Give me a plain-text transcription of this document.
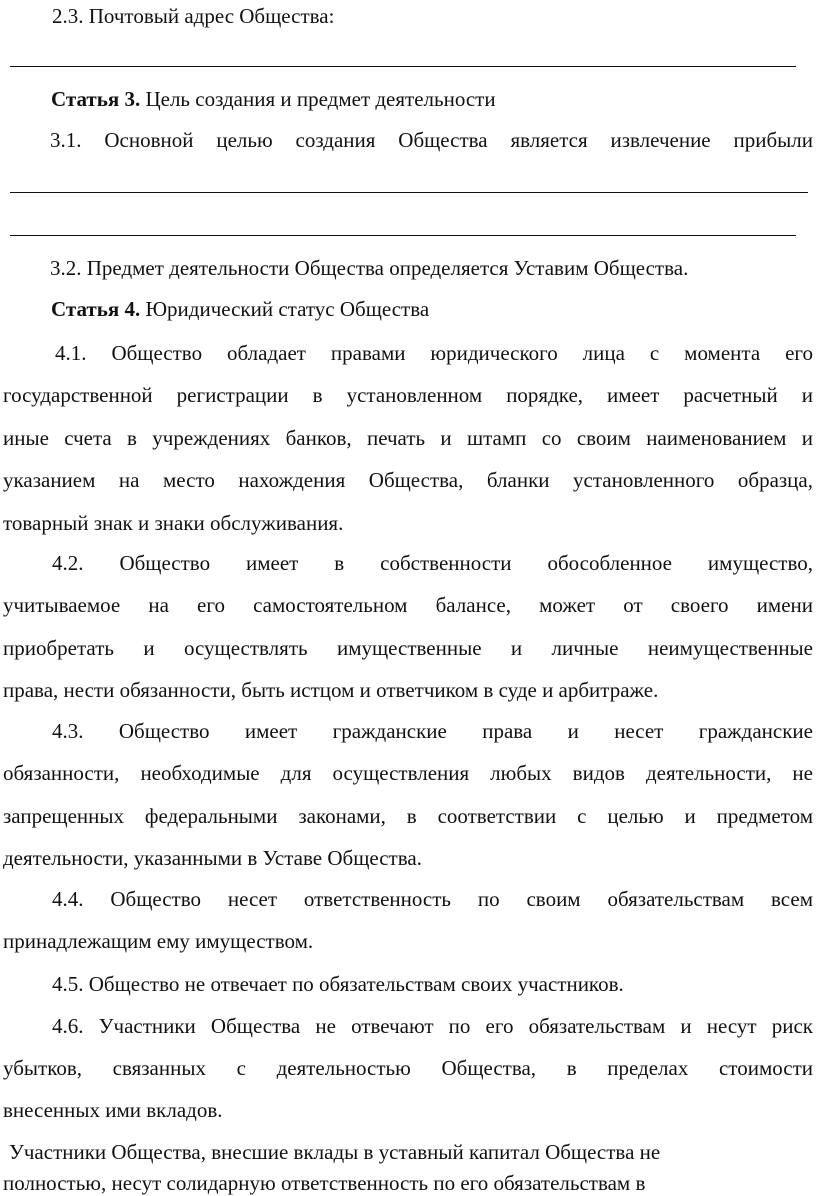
2.3. Почтовый адрес Общества:
Статья 3. Цель создания и предмет деятельности
3.1. Основной целью создания Общества является извлечение прибыли
3.2. Предмет деятельности Общества определяется Уставим Общества.
Статья 4. Юридический статус Общества
4.1. Общество обладает правами юридического лица с момента его
государственной регистрации в установленном порядке, имеет расчетный и
иные счета в учреждениях банков, печать и штамп со своим наименованием и
указанием на место нахождения Общества, бланки установленного образца,
товарный знак и знаки обслуживания.
4.2. Общество имеет в собственности обособленное имущество,
учитываемое на его самостоятельном балансе, может от своего имени
приобретать и осуществлять имущественные и личные неимущественные
права, нести обязанности, быть истцом и ответчиком в суде и арбитраже.
4.3. Общество имеет гражданские права и несет гражданские
обязанности, необходимые для осуществления любых видов деятельности, не
запрещенных федеральными законами, в соответствии с целью и предметом
деятельности, указанными в Уставе Общества.
4.4. Общество несет ответственность по своим обязательствам всем
принадлежащим ему имуществом.
4.5. Общество не отвечает по обязательствам своих участников.
4.6. Участники Общества не отвечают по его обязательствам и несут риск
убытков, связанных с деятельностью Общества, в пределах стоимости
внесенных ими вкладов.
Участники Общества, внесшие вклады в уставный капитал Общества не
полностью, несут солидарную ответственность по его обязательствам в
